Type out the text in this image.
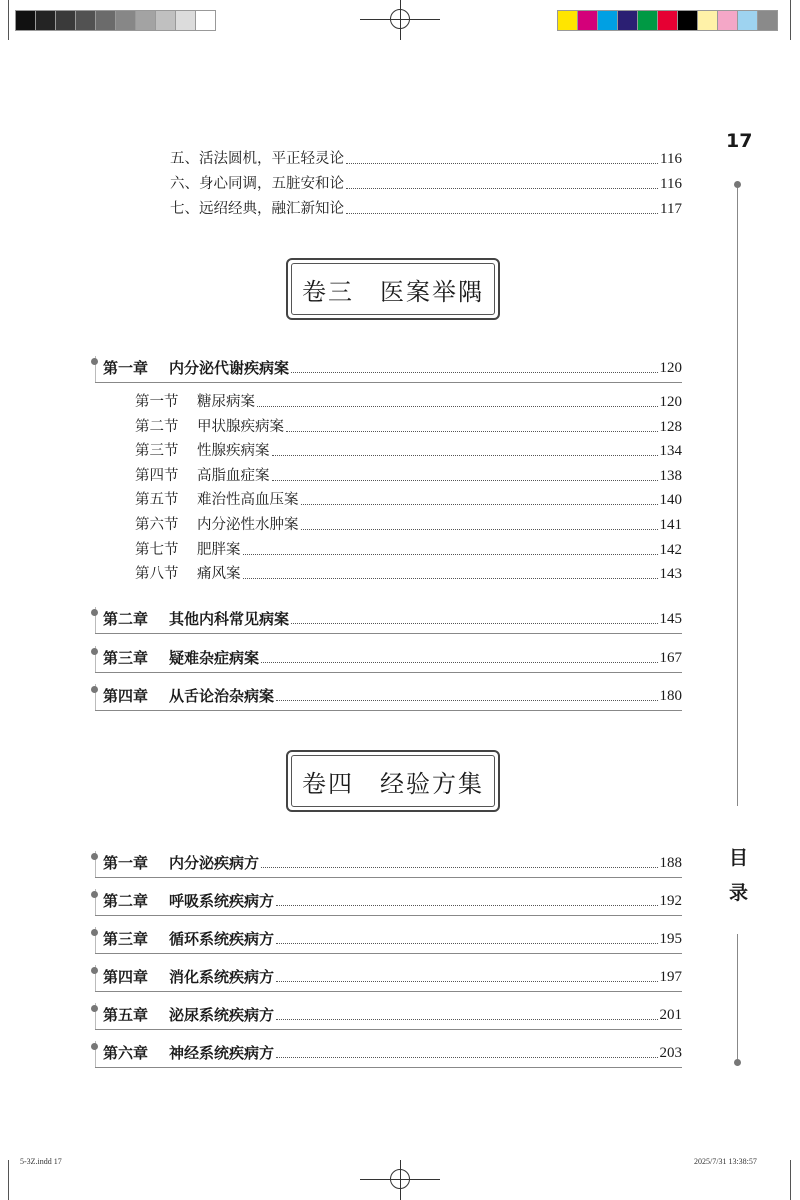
17
目
录
五、活法圆机，平正轻灵论	116
六、身心同调，五脏安和论	116
七、远绍经典，融汇新知论	117
卷三　医案举隅
第一章 内分泌代谢疾病案	120
第一节 糖尿病案	120
第二节 甲状腺疾病案	128
第三节 性腺疾病案	134
第四节 高脂血症案	138
第五节 难治性高血压案	140
第六节 内分泌性水肿案	141
第七节 肥胖案	142
第八节 痛风案	143
第二章 其他内科常见病案	145
第三章 疑难杂症病案	167
第四章 从舌论治杂病案	180
卷四　经验方集
第一章 内分泌疾病方	188
第二章 呼吸系统疾病方	192
第三章 循环系统疾病方	195
第四章 消化系统疾病方	197
第五章 泌尿系统疾病方	201
第六章 神经系统疾病方	203
5-3Z.indd 17	2025/7/31 13:38:57
